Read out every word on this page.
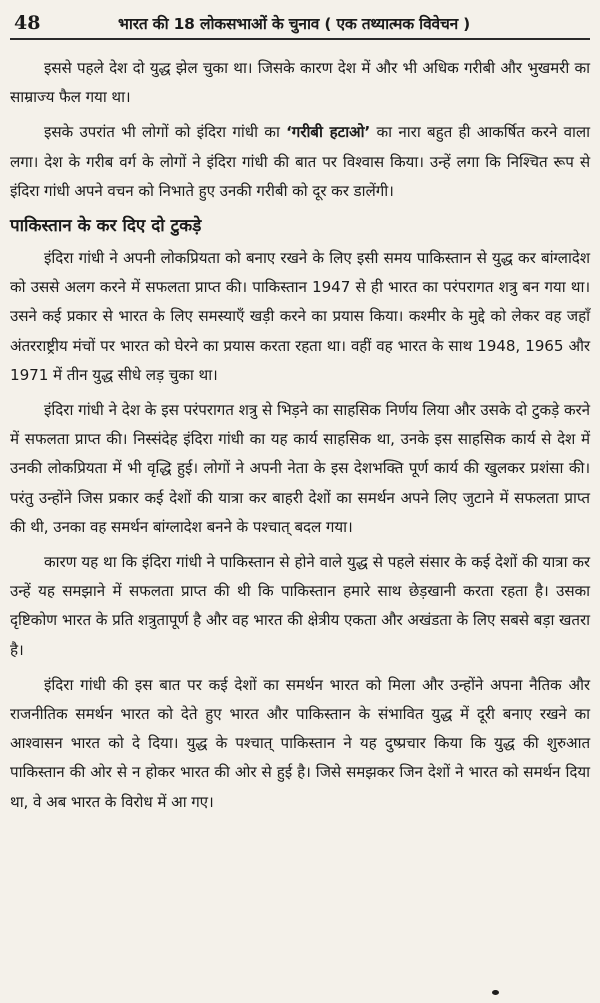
48	भारत की 18 लोकसभाओं के चुनाव ( एक तथ्यात्मक विवेचन )

इससे पहले देश दो युद्ध झेल चुका था। जिसके कारण देश में और भी अधिक गरीबी और भुखमरी का साम्राज्य फैल गया था।

इसके उपरांत भी लोगों को इंदिरा गांधी का ‘गरीबी हटाओ’ का नारा बहुत ही आकर्षित करने वाला लगा। देश के गरीब वर्ग के लोगों ने इंदिरा गांधी की बात पर विश्वास किया। उन्हें लगा कि निश्चित रूप से इंदिरा गांधी अपने वचन को निभाते हुए उनकी गरीबी को दूर कर डालेंगी।

पाकिस्तान के कर दिए दो टुकड़े

इंदिरा गांधी ने अपनी लोकप्रियता को बनाए रखने के लिए इसी समय पाकिस्तान से युद्ध कर बांग्लादेश को उससे अलग करने में सफलता प्राप्त की। पाकिस्तान 1947 से ही भारत का परंपरागत शत्रु बन गया था। उसने कई प्रकार से भारत के लिए समस्याएँ खड़ी करने का प्रयास किया। कश्मीर के मुद्दे को लेकर वह जहाँ अंतरराष्ट्रीय मंचों पर भारत को घेरने का प्रयास करता रहता था। वहीं वह भारत के साथ 1948, 1965 और 1971 में तीन युद्ध सीधे लड़ चुका था।

इंदिरा गांधी ने देश के इस परंपरागत शत्रु से भिड़ने का साहसिक निर्णय लिया और उसके दो टुकड़े करने में सफलता प्राप्त की। निस्संदेह इंदिरा गांधी का यह कार्य साहसिक था, उनके इस साहसिक कार्य से देश में उनकी लोकप्रियता में भी वृद्धि हुई। लोगों ने अपनी नेता के इस देशभक्ति पूर्ण कार्य की खुलकर प्रशंसा की। परंतु उन्होंने जिस प्रकार कई देशों की यात्रा कर बाहरी देशों का समर्थन अपने लिए जुटाने में सफलता प्राप्त की थी, उनका वह समर्थन बांग्लादेश बनने के पश्चात् बदल गया।

कारण यह था कि इंदिरा गांधी ने पाकिस्तान से होने वाले युद्ध से पहले संसार के कई देशों की यात्रा कर उन्हें यह समझाने में सफलता प्राप्त की थी कि पाकिस्तान हमारे साथ छेड़खानी करता रहता है। उसका दृष्टिकोण भारत के प्रति शत्रुतापूर्ण है और वह भारत की क्षेत्रीय एकता और अखंडता के लिए सबसे बड़ा खतरा है।

इंदिरा गांधी की इस बात पर कई देशों का समर्थन भारत को मिला और उन्होंने अपना नैतिक और राजनीतिक समर्थन भारत को देते हुए भारत और पाकिस्तान के संभावित युद्ध में दूरी बनाए रखने का आश्वासन भारत को दे दिया। युद्ध के पश्चात् पाकिस्तान ने यह दुष्प्रचार किया कि युद्ध की शुरुआत पाकिस्तान की ओर से न होकर भारत की ओर से हुई है। जिसे समझकर जिन देशों ने भारत को समर्थन दिया था, वे अब भारत के विरोध में आ गए।
